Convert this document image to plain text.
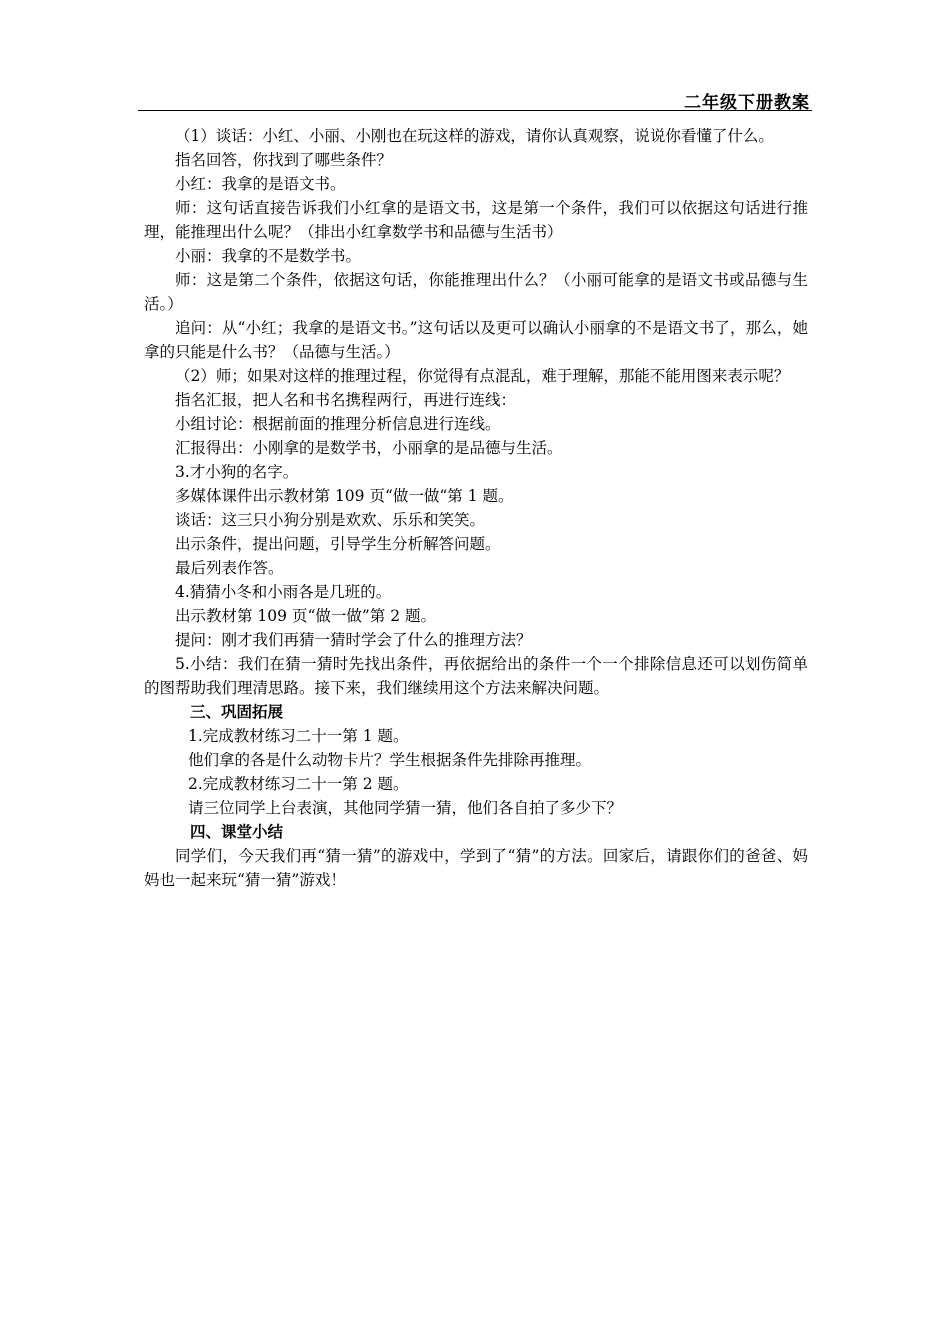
二年级下册教案

（1）谈话：小红、小丽、小刚也在玩这样的游戏，请你认真观察，说说你看懂了什么。

指名回答，你找到了哪些条件？

小红：我拿的是语文书。

师：这句话直接告诉我们小红拿的是语文书，这是第一个条件，我们可以依据这句话进行推理，能推理出什么呢？（排出小红拿数学书和品德与生活书）

小丽：我拿的不是数学书。

师：这是第二个条件，依据这句话，你能推理出什么？（小丽可能拿的是语文书或品德与生活。）

追问：从“小红；我拿的是语文书。”这句话以及更可以确认小丽拿的不是语文书了，那么，她拿的只能是什么书？（品德与生活。）

（2）师；如果对这样的推理过程，你觉得有点混乱，难于理解，那能不能用图来表示呢？

指名汇报，把人名和书名携程两行，再进行连线：

小组讨论：根据前面的推理分析信息进行连线。

汇报得出：小刚拿的是数学书，小丽拿的是品德与生活。

3.才小狗的名字。

多媒体课件出示教材第 109 页“做一做“第 1 题。

谈话：这三只小狗分别是欢欢、乐乐和笑笑。

出示条件，提出问题，引导学生分析解答问题。

最后列表作答。

4.猜猜小冬和小雨各是几班的。

出示教材第 109 页“做一做”第 2 题。

提问：刚才我们再猜一猜时学会了什么的推理方法？

5.小结：我们在猜一猜时先找出条件，再依据给出的条件一个一个排除信息还可以划伤简单的图帮助我们理清思路。接下来，我们继续用这个方法来解决问题。

三、巩固拓展

1.完成教材练习二十一第 1 题。

他们拿的各是什么动物卡片？学生根据条件先排除再推理。

2.完成教材练习二十一第 2 题。

请三位同学上台表演，其他同学猜一猜，他们各自拍了多少下？

四、课堂小结

同学们，今天我们再“猜一猜”的游戏中，学到了“猜”的方法。回家后，请跟你们的爸爸、妈妈也一起来玩“猜一猜”游戏！
